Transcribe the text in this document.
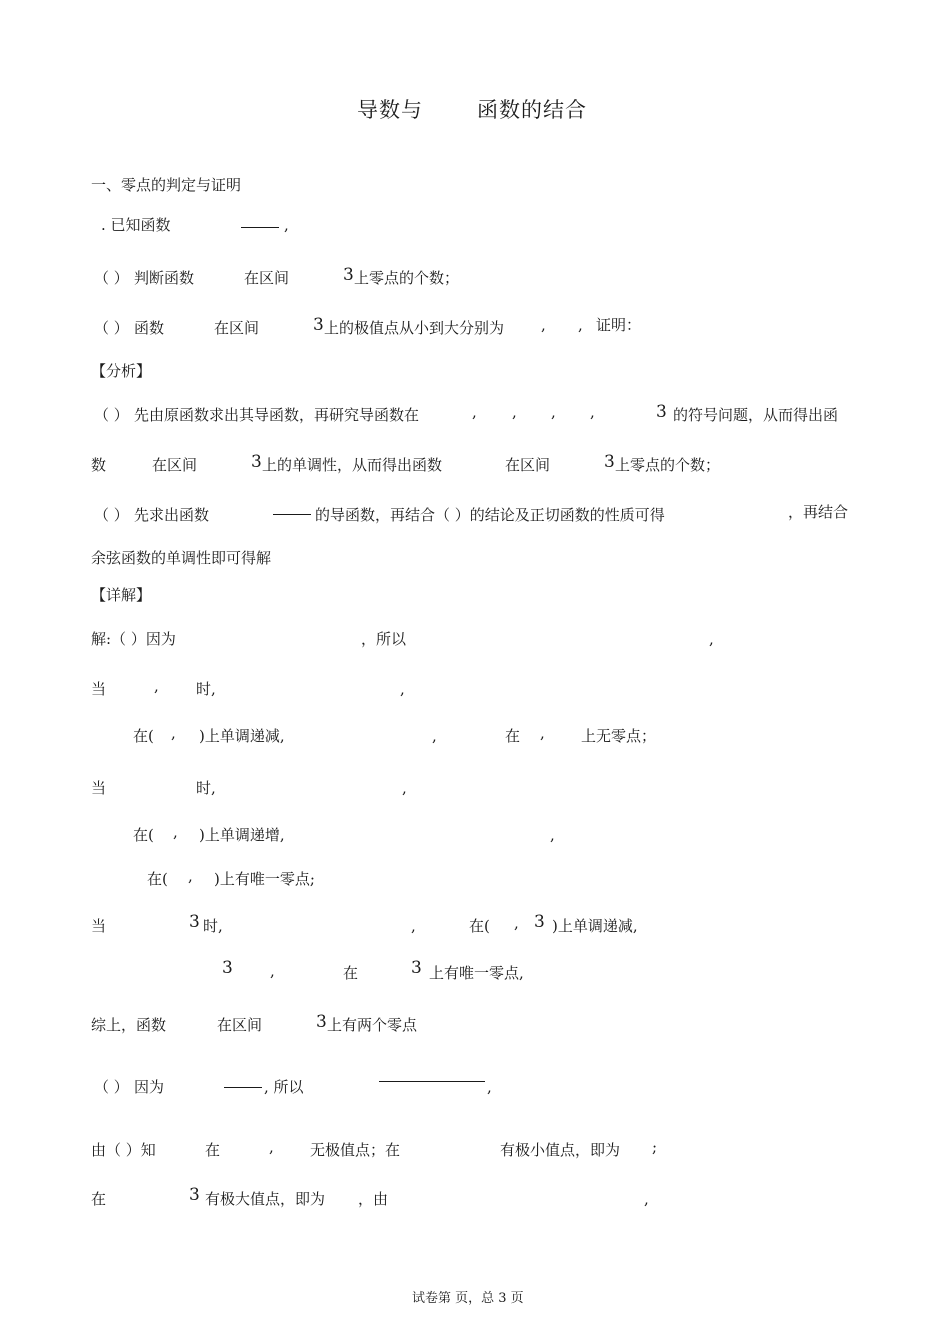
导数与	函数的结合
一、零点的判定与证明
. 已知函数	,
（ ） 判断函数	在区间	3 上零点的个数；
（ ） 函数	在区间	3 上的极值点从小到大分别为 , , 证明：
【分析】
（ ） 先由原函数求出其导函数，再研究导函数在	, , , ,	3 的符号问题，从而得出函
数	在区间	3 上的单调性，从而得出函数	在区间	3 上零点的个数；
（ ） 先求出函数	的导函数，再结合（ ）的结论及正切函数的性质可得	，再结合
余弦函数的单调性即可得解
【详解】
解:（ ）因为	，所以	,
当	, 时,	,
在( , )上单调递减,	,	在 , 上无零点；
当	时,	,
在( , )上单调递增,	,
在( , )上有唯一零点;
当	3 时,	,	在( , 3 )上单调递减,
3 ,	在	3 上有唯一零点,
综上，函数	在区间	3 上有两个零点
（ ） 因为	, 所以	,
由（ ）知	在	, 无极值点；在	有极小值点，即为 ;
在	3 有极大值点，即为 ，由	,
试卷第 页，总 3 页
